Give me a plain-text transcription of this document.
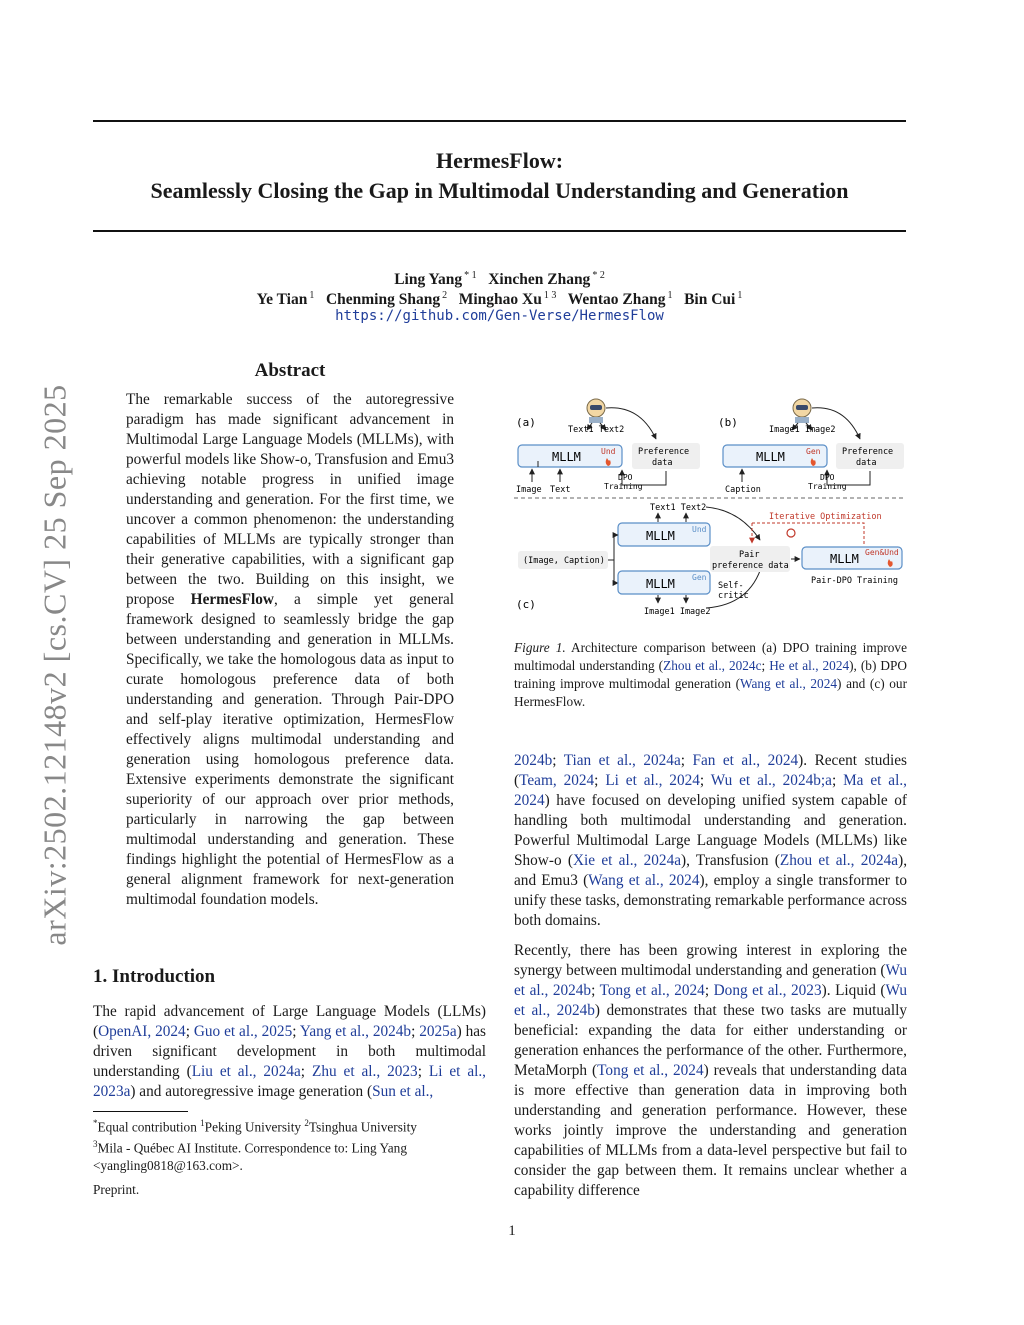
HermesFlow:
Seamlessly Closing the Gap in Multimodal Understanding and Generation
Ling Yang $^{* 1}$ Xinchen Zhang $^{* 2}$
Ye Tian $^1$ Chenming Shang $^2$ Minghao Xu $^{1 3}$ Wentao Zhang $^1$ Bin Cui $^1$
https://github.com/Gen-Verse/HermesFlow
arXiv:2502.12148v2 [cs.CV] 25 Sep 2025
Abstract
The remarkable success of the autoregressive paradigm has made significant advancement in Multimodal Large Language Models (MLLMs), with powerful models like Show-o, Transfusion and Emu3 achieving notable progress in unified image understanding and generation. For the first time, we uncover a common phenomenon: the understanding capabilities of MLLMs are typically stronger than their generative capabilities, with a significant gap between the two. Building on this insight, we propose HermesFlow, a simple yet general framework designed to seamlessly bridge the gap between understanding and generation in MLLMs. Specifically, we take the homologous data as input to curate homologous preference data of both understanding and generation. Through Pair-DPO and self-play iterative optimization, HermesFlow effectively aligns multimodal understanding and generation using homologous preference data. Extensive experiments demonstrate the significant superiority of our approach over prior methods, particularly in narrowing the gap between multimodal understanding and generation. These findings highlight the potential of HermesFlow as a general alignment framework for next-generation multimodal foundation models.
1. Introduction
The rapid advancement of Large Language Models (LLMs) (OpenAI, 2024; Guo et al., 2025; Yang et al., 2024b; 2025a) has driven significant development in both multimodal understanding (Liu et al., 2024a; Zhu et al., 2023; Li et al., 2023a) and autoregressive image generation (Sun et al.,
*Equal contribution $^1$Peking University $^2$Tsinghua University
$^3$Mila - Québec AI Institute. Correspondence to: Ling Yang <yangling0818@163.com>.
Preprint.
(a)
Text1 Text2
MLLM	Und
Image Text
Preference
data
DPO
Training
(b)
Image1 Image2
MLLM	Gen
Caption
Preference
data
DPO
Training
Text1 Text2
MLLM Und
(Image, Caption)
MLLM Gen
Image1 Image2
Self-
critic
Pair
preference data
Iterative Optimization
MLLM Gen&Und
Pair-DPO Training
(c)
Figure 1. Architecture comparison between (a) DPO training improve multimodal understanding (Zhou et al., 2024c; He et al., 2024), (b) DPO training improve multimodal generation (Wang et al., 2024) and (c) our HermesFlow.
2024b; Tian et al., 2024a; Fan et al., 2024). Recent studies (Team, 2024; Li et al., 2024; Wu et al., 2024b;a; Ma et al., 2024) have focused on developing unified system capable of handling both multimodal understanding and generation. Powerful Multimodal Large Language Models (MLLMs) like Show-o (Xie et al., 2024a), Transfusion (Zhou et al., 2024a), and Emu3 (Wang et al., 2024), employ a single transformer to unify these tasks, demonstrating remarkable performance across both domains.
Recently, there has been growing interest in exploring the synergy between multimodal understanding and generation (Wu et al., 2024b; Tong et al., 2024; Dong et al., 2023). Liquid (Wu et al., 2024b) demonstrates that these two tasks are mutually beneficial: expanding the data for either understanding or generation enhances the performance of the other. Furthermore, MetaMorph (Tong et al., 2024) reveals that understanding data is more effective than generation data in improving both understanding and generation performance. However, these works jointly improve the understanding and generation capabilities of MLLMs from a data-level perspective but fail to consider the gap between them. It remains unclear whether a capability difference
1
